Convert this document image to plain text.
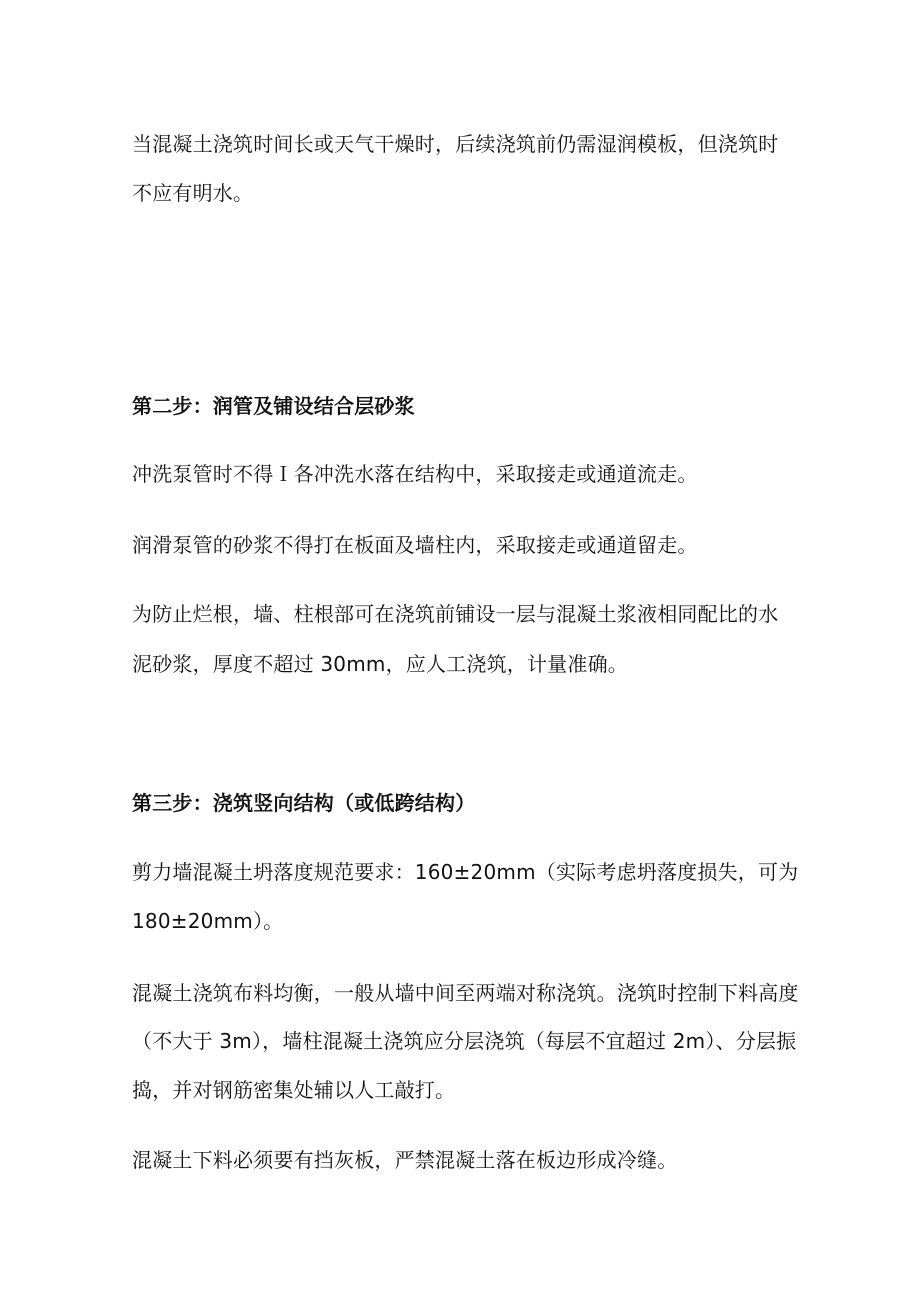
当混凝土浇筑时间长或天气干燥时，后续浇筑前仍需湿润模板，但浇筑时
不应有明水。
第二步：润管及铺设结合层砂浆
冲洗泵管时不得Ｉ各冲洗水落在结构中，采取接走或通道流走。
润滑泵管的砂浆不得打在板面及墙柱内，采取接走或通道留走。
为防止烂根，墙、柱根部可在浇筑前铺设一层与混凝土浆液相同配比的水
泥砂浆，厚度不超过 30mm，应人工浇筑，计量准确。
第三步：浇筑竖向结构（或低跨结构）
剪力墙混凝土坍落度规范要求：160±20mm（实际考虑坍落度损失，可为
180±20mm）。
混凝土浇筑布料均衡，一般从墙中间至两端对称浇筑。浇筑时控制下料高度
（不大于 3m），墙柱混凝土浇筑应分层浇筑（每层不宜超过 2m）、分层振
捣，并对钢筋密集处辅以人工敲打。
混凝土下料必须要有挡灰板，严禁混凝土落在板边形成冷缝。
